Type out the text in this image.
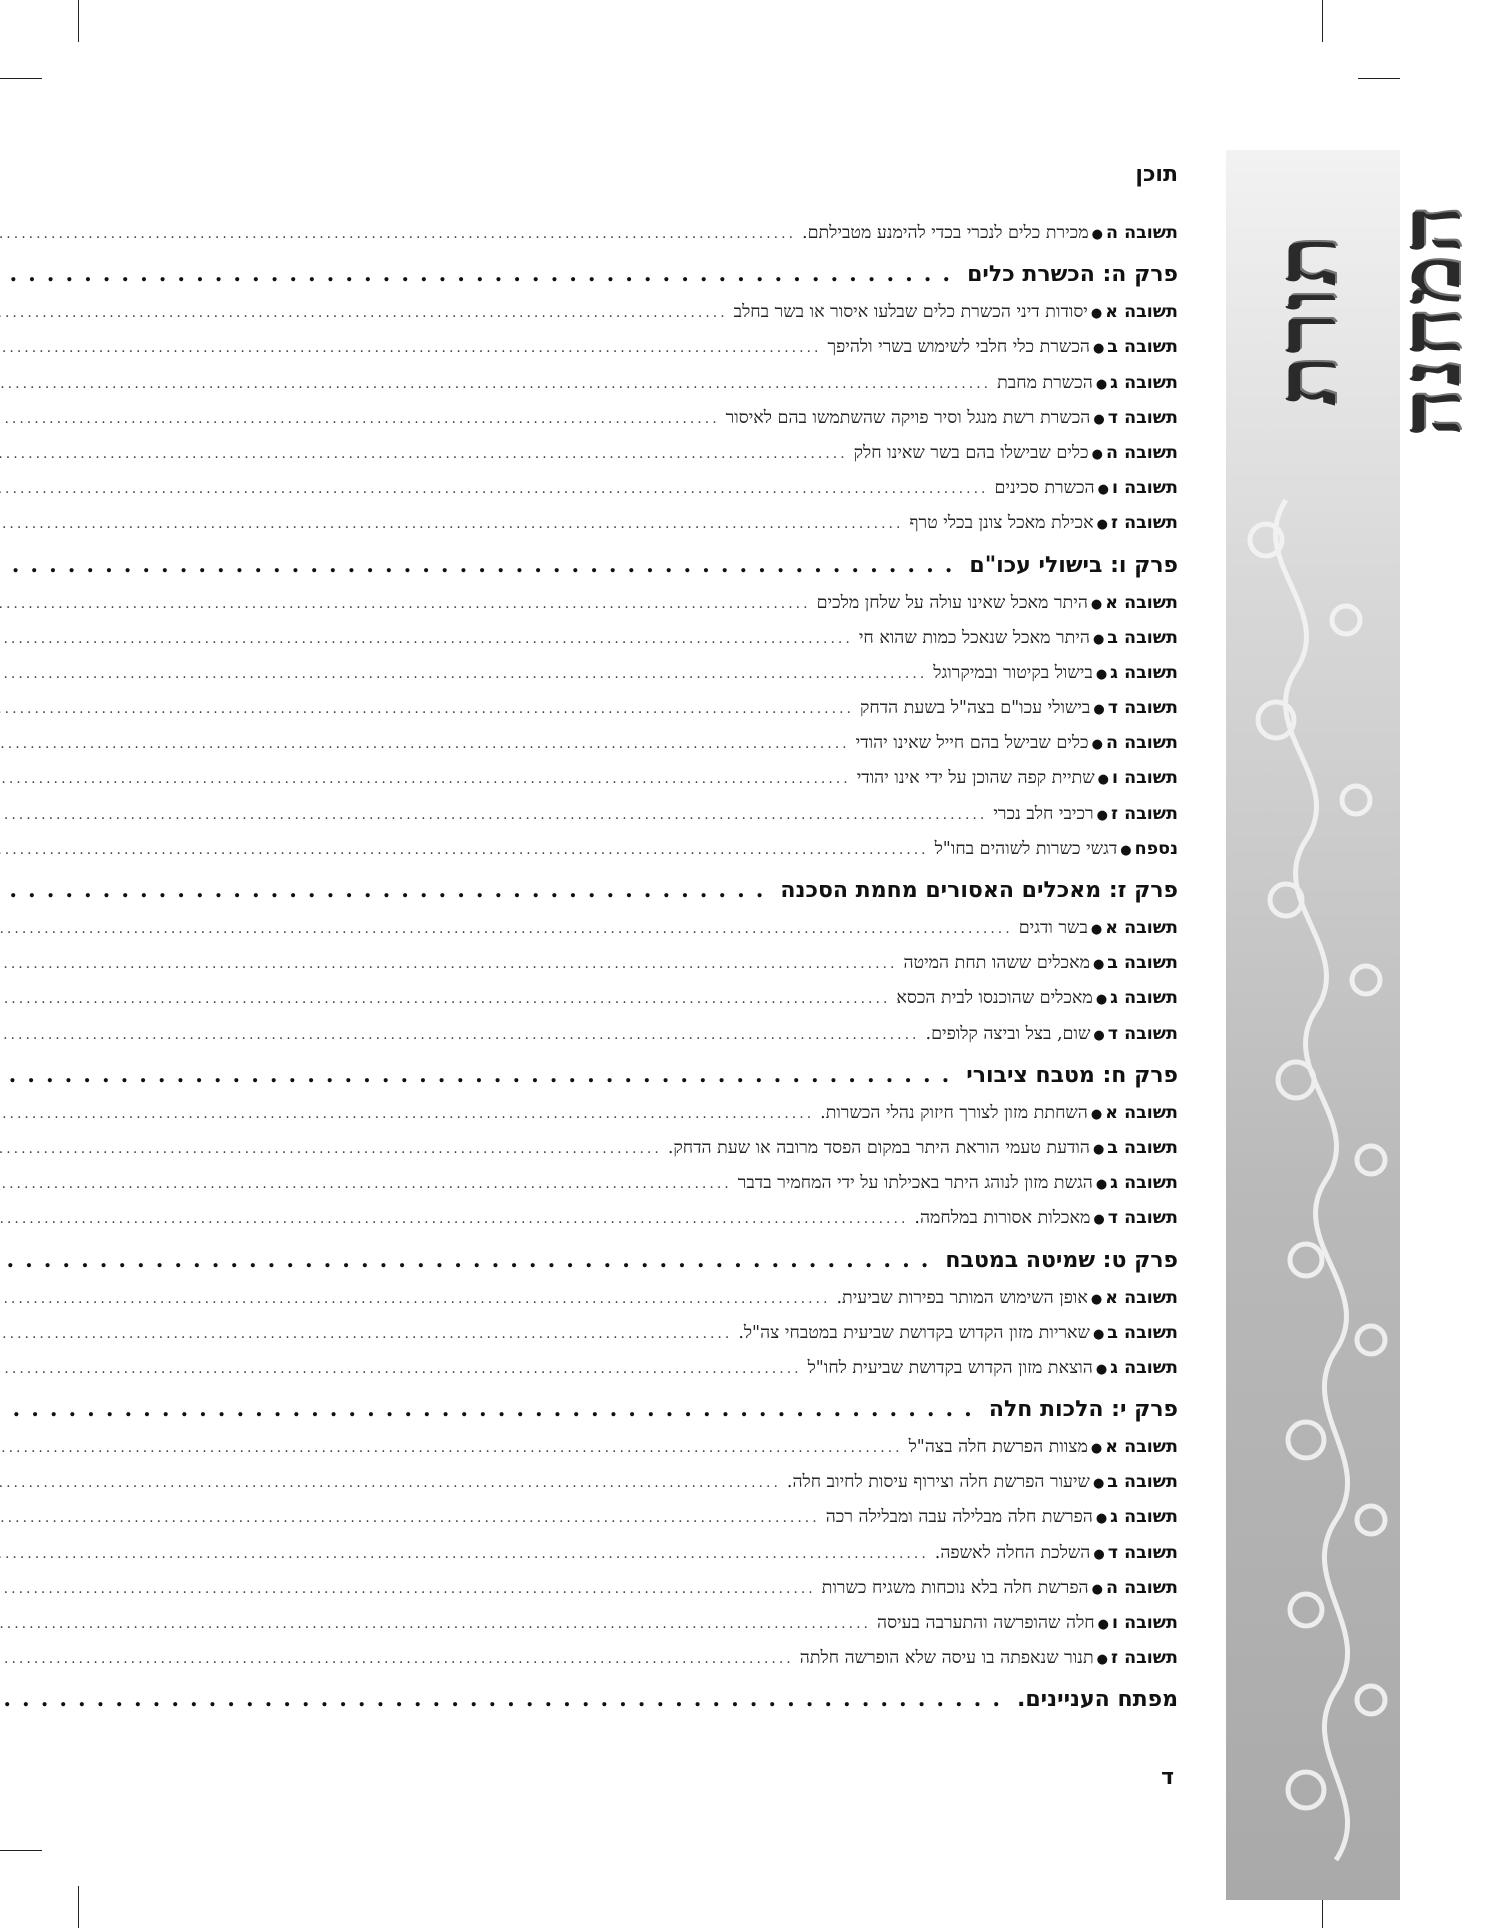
תורת המחנה
תוכן
תשובה ה
●
מכירת כלים לנכרי בכדי להימנע מטבילתם.
.....
פרק ה: הכשרת כלים
.....
תשובה א
●
יסודות דיני הכשרת כלים שבלעו איסור או בשר בחלב
.....
תשובה ב
●
הכשרת כלי חלבי לשימוש בשרי ולהיפך
.....
תשובה ג
●
הכשרת מחבת
.....
תשובה ד
●
הכשרת רשת מנגל וסיר פויקה שהשתמשו בהם לאיסור
.....
תשובה ה
●
כלים שבישלו בהם בשר שאינו חלק
.....
תשובה ו
●
הכשרת סכינים
.....
תשובה ז
●
אכילת מאכל צונן בכלי טרף
.....
פרק ו: בישולי עכו"ם
.....
תשובה א
●
היתר מאכל שאינו עולה על שלחן מלכים
.....
תשובה ב
●
היתר מאכל שנאכל כמות שהוא חי
.....
תשובה ג
●
בישול בקיטור ובמיקרוגל
.....
תשובה ד
●
בישולי עכו"ם בצה"ל בשעת הדחק
.....
תשובה ה
●
כלים שבישל בהם חייל שאינו יהודי
.....
תשובה ו
●
שתיית קפה שהוכן על ידי אינו יהודי
.....
תשובה ז
●
רכיבי חלב נכרי
.....
נספח
●
דגשי כשרות לשוהים בחו"ל
.....
פרק ז: מאכלים האסורים מחמת הסכנה
.....
תשובה א
●
בשר ודגים
.....
תשובה ב
●
מאכלים ששהו תחת המיטה
.....
תשובה ג
●
מאכלים שהוכנסו לבית הכסא
.....
תשובה ד
●
שום, בצל וביצה קלופים.
.....
פרק ח: מטבח ציבורי
.....
תשובה א
●
השחתת מזון לצורך חיזוק נהלי הכשרות.
.....
תשובה ב
●
הודעת טעמי הוראת היתר במקום הפסד מרובה או שעת הדחק.
.....
תשובה ג
●
הגשת מזון לנוהג היתר באכילתו על ידי המחמיר בדבר
.....
תשובה ד
●
מאכלות אסורות במלחמה.
.....
פרק ט: שמיטה במטבח
.....
תשובה א
●
אופן השימוש המותר בפירות שביעית.
.....
תשובה ב
●
שאריות מזון הקדוש בקדושת שביעית במטבחי צה"ל.
.....
תשובה ג
●
הוצאת מזון הקדוש בקדושת שביעית לחו"ל
.....
פרק י: הלכות חלה
.....
תשובה א
●
מצוות הפרשת חלה בצה"ל
.....
תשובה ב
●
שיעור הפרשת חלה וצירוף עיסות לחיוב חלה.
.....
תשובה ג
●
הפרשת חלה מבלילה עבה ומבלילה רכה
.....
תשובה ד
●
השלכת החלה לאשפה.
.....
תשובה ה
●
הפרשת חלה בלא נוכחות משגיח כשרות
.....
תשובה ו
●
חלה שהופרשה והתערבה בעיסה
.....
תשובה ז
●
תנור שנאפתה בו עיסה שלא הופרשה חלתה
.....
מפתח העניינים.
.....
ד
